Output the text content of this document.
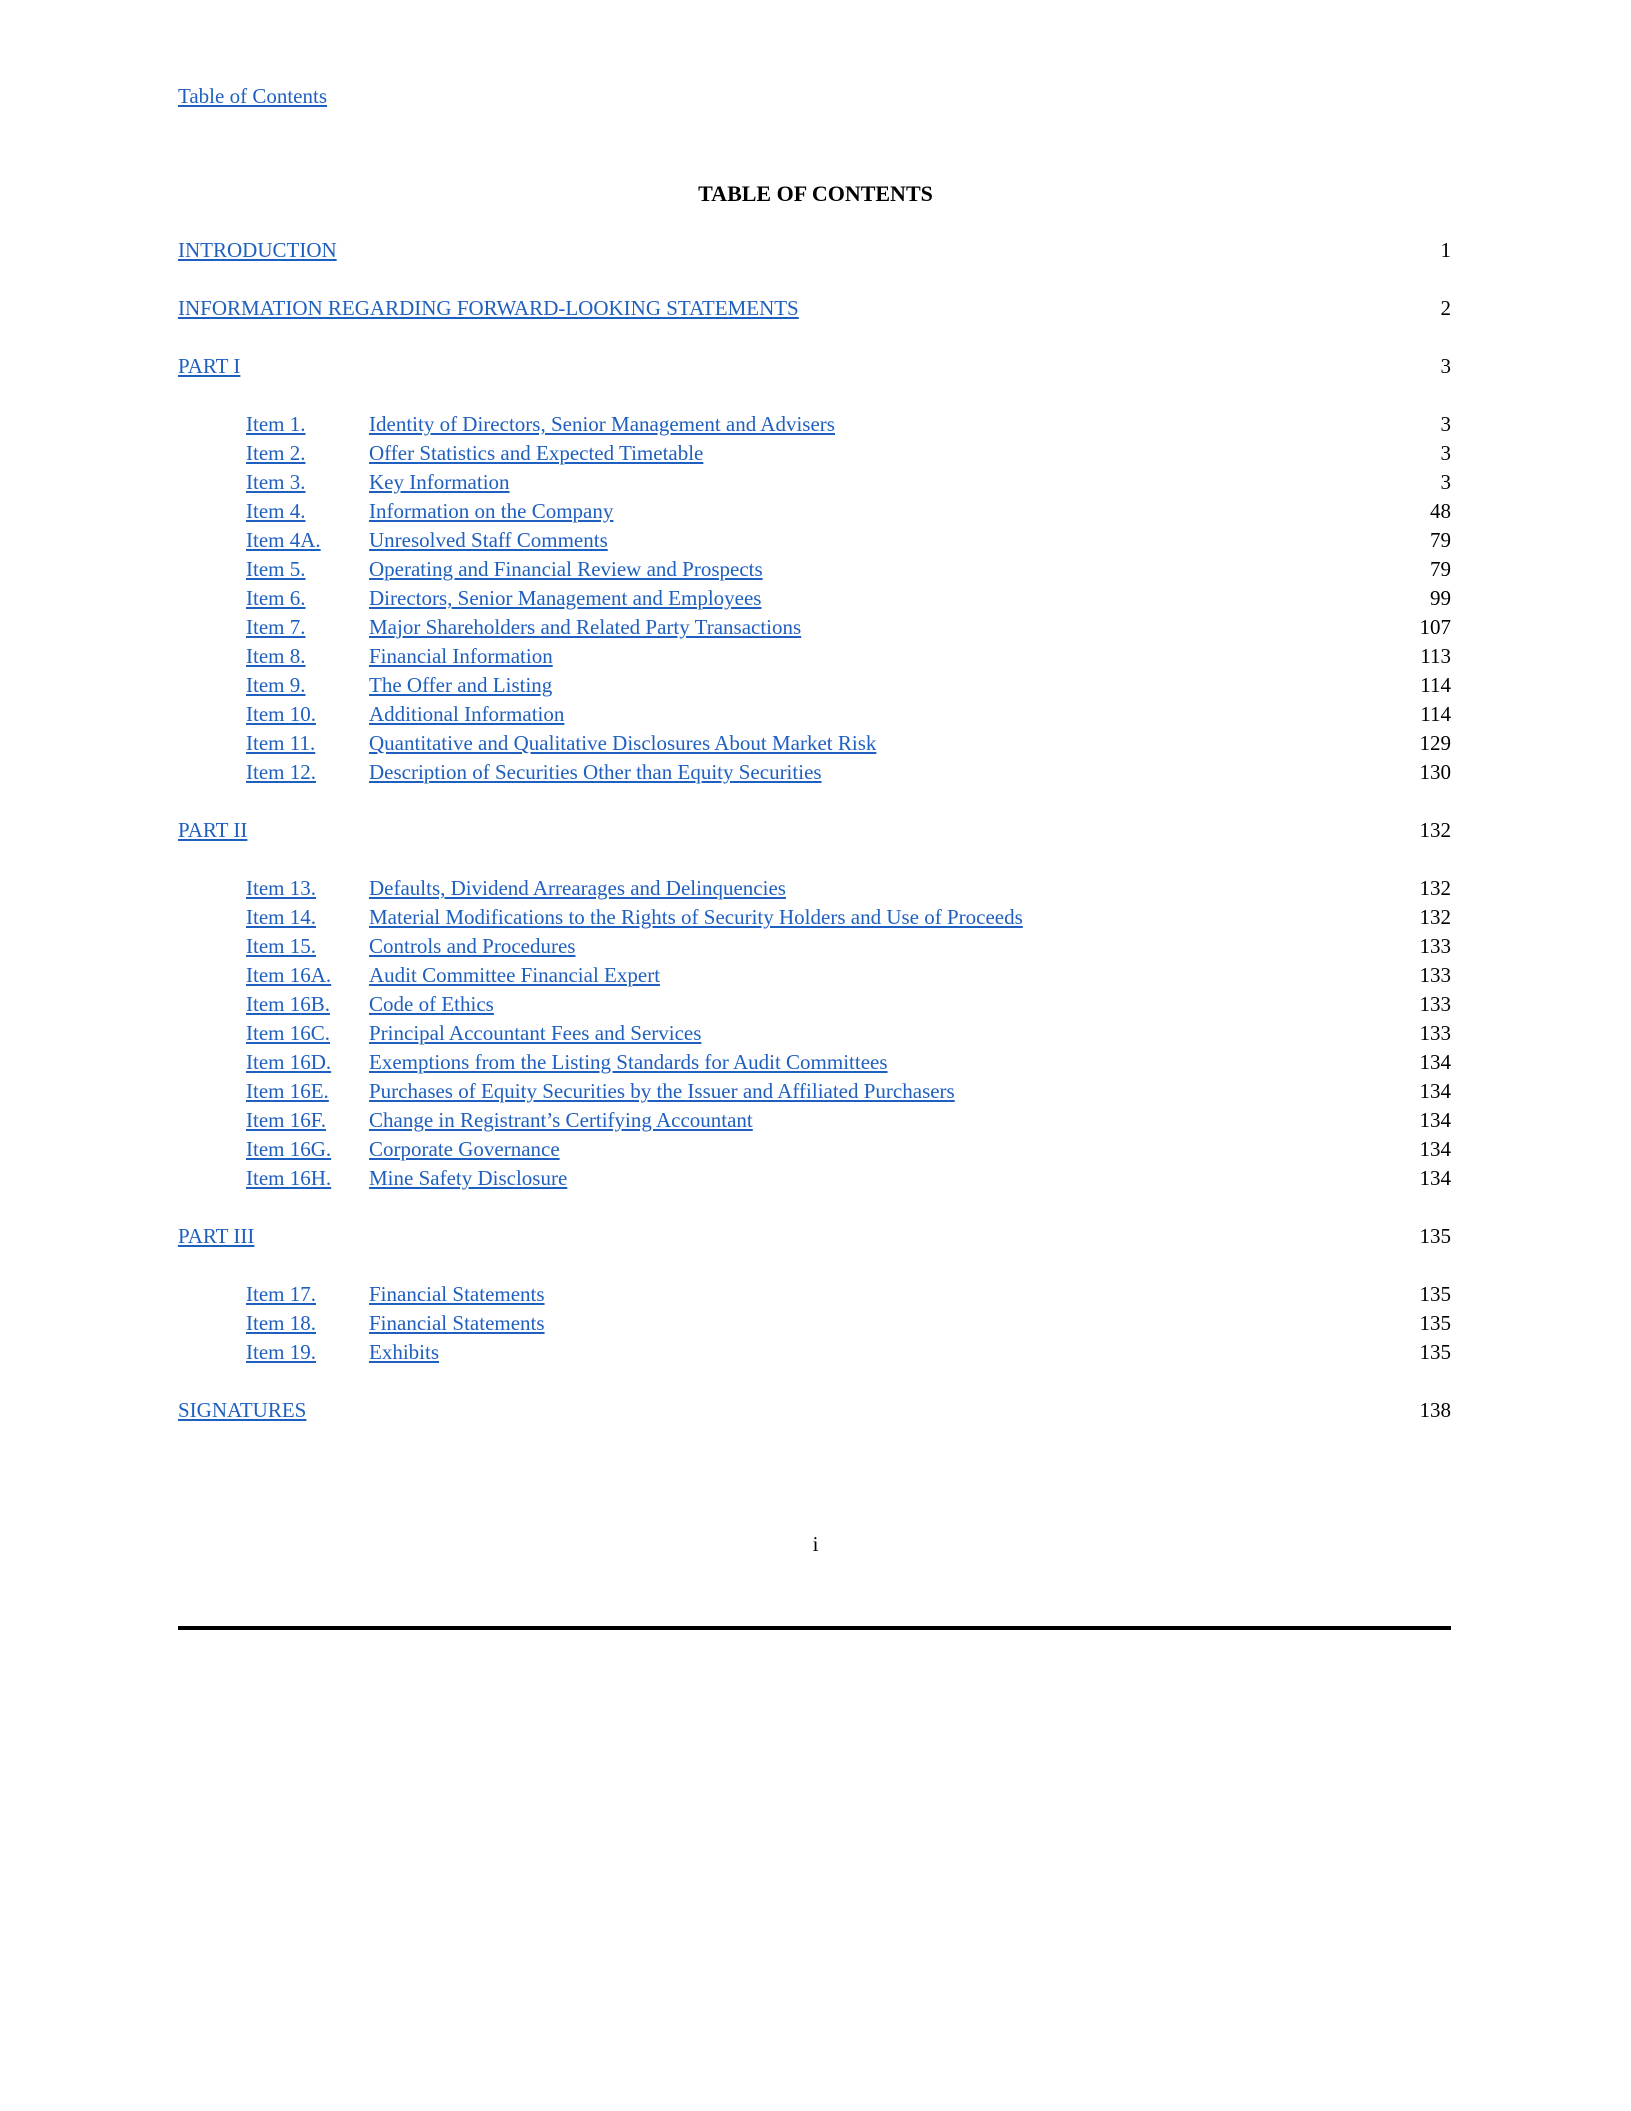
Table of Contents
TABLE OF CONTENTS
INTRODUCTION	1
INFORMATION REGARDING FORWARD-LOOKING STATEMENTS	2
PART I	3
Item 1.	Identity of Directors, Senior Management and Advisers	3
Item 2.	Offer Statistics and Expected Timetable	3
Item 3.	Key Information	3
Item 4.	Information on the Company	48
Item 4A. Unresolved Staff Comments	79
Item 5.	Operating and Financial Review and Prospects	79
Item 6.	Directors, Senior Management and Employees	99
Item 7.	Major Shareholders and Related Party Transactions	107
Item 8.	Financial Information	113
Item 9.	The Offer and Listing	114
Item 10.	Additional Information	114
Item 11.	Quantitative and Qualitative Disclosures About Market Risk	129
Item 12.	Description of Securities Other than Equity Securities	130
PART II	132
Item 13.	Defaults, Dividend Arrearages and Delinquencies	132
Item 14.	Material Modifications to the Rights of Security Holders and Use of Proceeds	132
Item 15.	Controls and Procedures	133
Item 16A. Audit Committee Financial Expert	133
Item 16B. Code of Ethics	133
Item 16C. Principal Accountant Fees and Services	133
Item 16D. Exemptions from the Listing Standards for Audit Committees	134
Item 16E. Purchases of Equity Securities by the Issuer and Affiliated Purchasers	134
Item 16F. Change in Registrant’s Certifying Accountant	134
Item 16G. Corporate Governance	134
Item 16H. Mine Safety Disclosure	134
PART III	135
Item 17.	Financial Statements	135
Item 18.	Financial Statements	135
Item 19.	Exhibits	135
SIGNATURES	138
i
